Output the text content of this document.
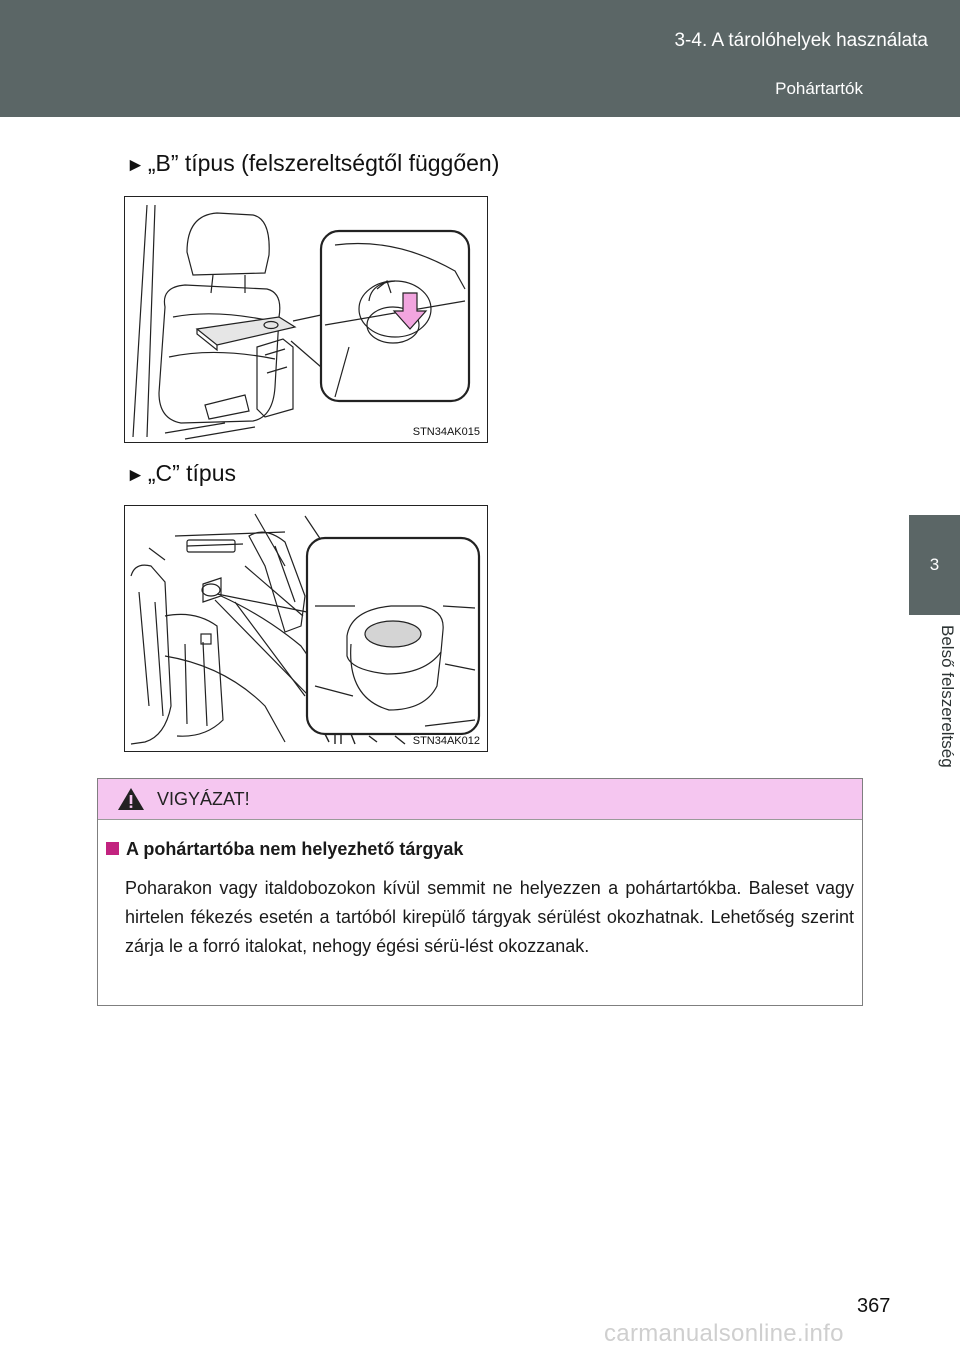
3-4. A tárolóhelyek használata
Pohártartók
3
Belső felszereltség
► „B” típus (felszereltségtől függően)
STN34AK015
► „C” típus
STN34AK012
VIGYÁZAT!
A pohártartóba nem helyezhető tárgyak
Poharakon vagy italdobozokon kívül semmit ne helyezzen a pohártartókba. Baleset vagy hirtelen fékezés esetén a tartóból kirepülő tárgyak sérülést okozhatnak. Lehetőség szerint zárja le a forró italokat, nehogy égési sérü-lést okozzanak.
367
carmanualsonline.info
